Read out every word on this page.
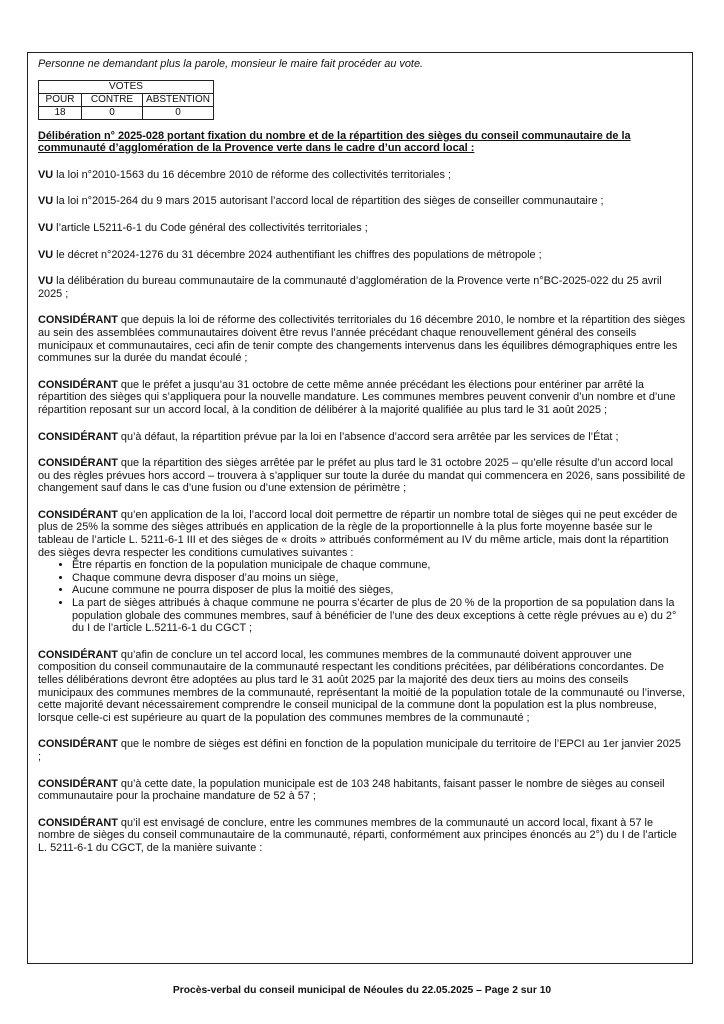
Personne ne demandant plus la parole, monsieur le maire fait procéder au vote.
VOTES		
POUR	CONTRE	ABSTENTION
18	0	0
Délibération n° 2025-028 portant fixation du nombre et de la répartition des sièges du conseil communautaire de la communauté d’agglomération de la Provence verte dans le cadre d’un accord local :

VU la loi n°2010-1563 du 16 décembre 2010 de réforme des collectivités territoriales ;

VU la loi n°2015-264 du 9 mars 2015 autorisant l’accord local de répartition des sièges de conseiller communautaire ;

VU l’article L5211-6-1 du Code général des collectivités territoriales ;

VU le décret n°2024-1276 du 31 décembre 2024 authentifiant les chiffres des populations de métropole ;

VU la délibération du bureau communautaire de la communauté d’agglomération de la Provence verte n°BC-2025-022 du 25 avril 2025 ;

CONSIDÉRANT que depuis la loi de réforme des collectivités territoriales du 16 décembre 2010, le nombre et la répartition des sièges au sein des assemblées communautaires doivent être revus l’année précédant chaque renouvellement général des conseils municipaux et communautaires, ceci afin de tenir compte des changements intervenus dans les équilibres démographiques entre les communes sur la durée du mandat écoulé ;

CONSIDÉRANT que le préfet a jusqu’au 31 octobre de cette même année précédant les élections pour entériner par arrêté la répartition des sièges qui s’appliquera pour la nouvelle mandature. Les communes membres peuvent convenir d’un nombre et d’une répartition reposant sur un accord local, à la condition de délibérer à la majorité qualifiée au plus tard le 31 août 2025 ;

CONSIDÉRANT qu’à défaut, la répartition prévue par la loi en l’absence d’accord sera arrêtée par les services de l’État ;

CONSIDÉRANT que la répartition des sièges arrêtée par le préfet au plus tard le 31 octobre 2025 – qu’elle résulte d’un accord local ou des règles prévues hors accord – trouvera à s’appliquer sur toute la durée du mandat qui commencera en 2026, sans possibilité de changement sauf dans le cas d’une fusion ou d’une extension de périmètre ;

CONSIDÉRANT qu’en application de la loi, l’accord local doit permettre de répartir un nombre total de sièges qui ne peut excéder de plus de 25% la somme des sièges attribués en application de la règle de la proportionnelle à la plus forte moyenne basée sur le tableau de l’article L. 5211-6-1 III et des sièges de « droits » attribués conformément au IV du même article, mais dont la répartition des sièges devra respecter les conditions cumulatives suivantes :

• Être répartis en fonction de la population municipale de chaque commune,
• Chaque commune devra disposer d’au moins un siège,
• Aucune commune ne pourra disposer de plus la moitié des sièges,
• La part de sièges attribués à chaque commune ne pourra s’écarter de plus de 20 % de la proportion de sa population dans la population globale des communes membres, sauf à bénéficier de l’une des deux exceptions à cette règle prévues au e) du 2° du I de l’article L.5211-6-1 du CGCT ;

CONSIDÉRANT qu’afin de conclure un tel accord local, les communes membres de la communauté doivent approuver une composition du conseil communautaire de la communauté respectant les conditions précitées, par délibérations concordantes. De telles délibérations devront être adoptées au plus tard le 31 août 2025 par la majorité des deux tiers au moins des conseils municipaux des communes membres de la communauté, représentant la moitié de la population totale de la communauté ou l’inverse, cette majorité devant nécessairement comprendre le conseil municipal de la commune dont la population est la plus nombreuse, lorsque celle-ci est supérieure au quart de la population des communes membres de la communauté ;

CONSIDÉRANT que le nombre de sièges est défini en fonction de la population municipale du territoire de l’EPCI au 1er janvier 2025 ;

CONSIDÉRANT qu’à cette date, la population municipale est de 103 248 habitants, faisant passer le nombre de sièges au conseil communautaire pour la prochaine mandature de 52 à 57 ;

CONSIDÉRANT qu’il est envisagé de conclure, entre les communes membres de la communauté un accord local, fixant à 57 le nombre de sièges du conseil communautaire de la communauté, réparti, conformément aux principes énoncés au 2°) du I de l’article L. 5211-6-1 du CGCT, de la manière suivante :

Procès-verbal du conseil municipal de Néoules du 22.05.2025 – Page 2 sur 10
